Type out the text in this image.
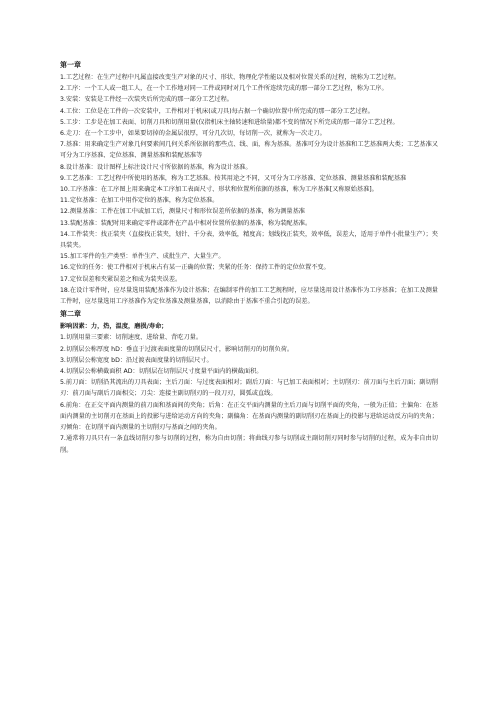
第一章

1.工艺过程：在生产过程中凡属直接改变生产对象的尺寸、形状、物理化学性能以及相对位置关系的过程，统称为工艺过程。

2.工序：一个工人或一组工人，在一个工作地对同一工件或同时对几个工件所连续完成的那一部分工艺过程，称为工序。

3.安装：安装是工件经一次装夹后所完成的那一部分工艺过程。

4.工位：工位是在工件的一次安装中，工件相对于机床(或刀具)每占据一个确切位置中所完成的那一部分工艺过程。

5.工步：工步是在加工表面、切削刀具和切削用量(仅指机床主轴转速和进给量)都不变的情况下所完成的那一部分工艺过程。

6.走刀：在一个工步中，如果要切掉的金属层很厚，可分几次切，每切削一次，就称为一次走刀。

7.基准：用来确定生产对象几何要素间几何关系所依据的那些点、线、面，称为基准。基准可分为设计基准和工艺基准两大类；工艺基准又可分为工序基准、定位基准、测量基准和装配基准等

8.设计基准：设计图样上标注设计尺寸所依据的基准，称为设计基准。

9.工艺基准：工艺过程中所使用的基准，称为工艺基准。按其用途之不同，又可分为工序基准、定位基准、测量基准和装配基准

10.工序基准：在工序图上用来确定本工序加工表面尺寸、形状和位置所依据的基准，称为工序基准[又称原始基准]。

11.定位基准：在加工中用作定位的基准，称为定位基准。

12.测量基准：工件在加工中或加工后，测量尺寸和形位误差所依据的基准，称为测量基准

13.装配基准：装配时用来确定零件或部件在产品中相对位置所依据的基准，称为装配基准。

14.工件装夹：找正装夹（直接找正装夹，划针、千分表，效率低，精度高；划线找正装夹，效率低，误差大，适用于单件小批量生产）；夹具装夹。

15.加工零件的生产类型：单件生产、成批生产、大量生产。

16.定位的任务：使工件相对于机床占有某一正确的位置；夹紧的任务：保持工件的定位位置不变。

17.定位误差和夹紧误差之和成为装夹误差。

18.在设计零件时，应尽量选用装配基准作为设计基准；在编制零件的加工工艺规程时，应尽量选用设计基准作为工序基准；在加工及测量工件时，应尽量选用工序基准作为定位基准及测量基准，以消除由于基准不重合引起的误差。

第二章

影响因素：力，热，温度，磨损/寿命；

1.切削用量三要素：切削速度、进给量、背吃刀量。

2.切削层公称厚度 hD：垂直于过渡表面度量的切削层尺寸，影响切削刃的切削负荷。

3.切削层公称宽度 bD：沿过渡表面度量的切削层尺寸。

4.切削层公称横截面积 AD：切削层在切削层尺寸度量平面内的横截面积。

5.前刀面：切削沿其流出的刀具表面；主后刀面：与过度表面相对；副后刀面：与已加工表面相对；主切削刃：前刀面与主后刀面；副切削刃：前刀面与副后刀面相交；刀尖：连接主副切削刃的一段刀刃，圆弧或直线。

6.前角：在正交平面内测量的前刀面和基面间的夹角；后角：在正交平面内测量的主后刀面与切削平面的夹角，一般为正值；主偏角：在基面内测量的主切削刃在基面上的投影与进给运动方向的夹角；副偏角：在基面内测量的副切削刃在基面上的投影与进给运动反方向的夹角；刃倾角：在切削平面内测量的主切削刃与基面之间的夹角。

7.通常将刀具只有一条直线切削刃参与切削的过程，称为自由切削；将曲线刃参与切削或主副切削刃同时参与切削的过程，成为非自由切削。
